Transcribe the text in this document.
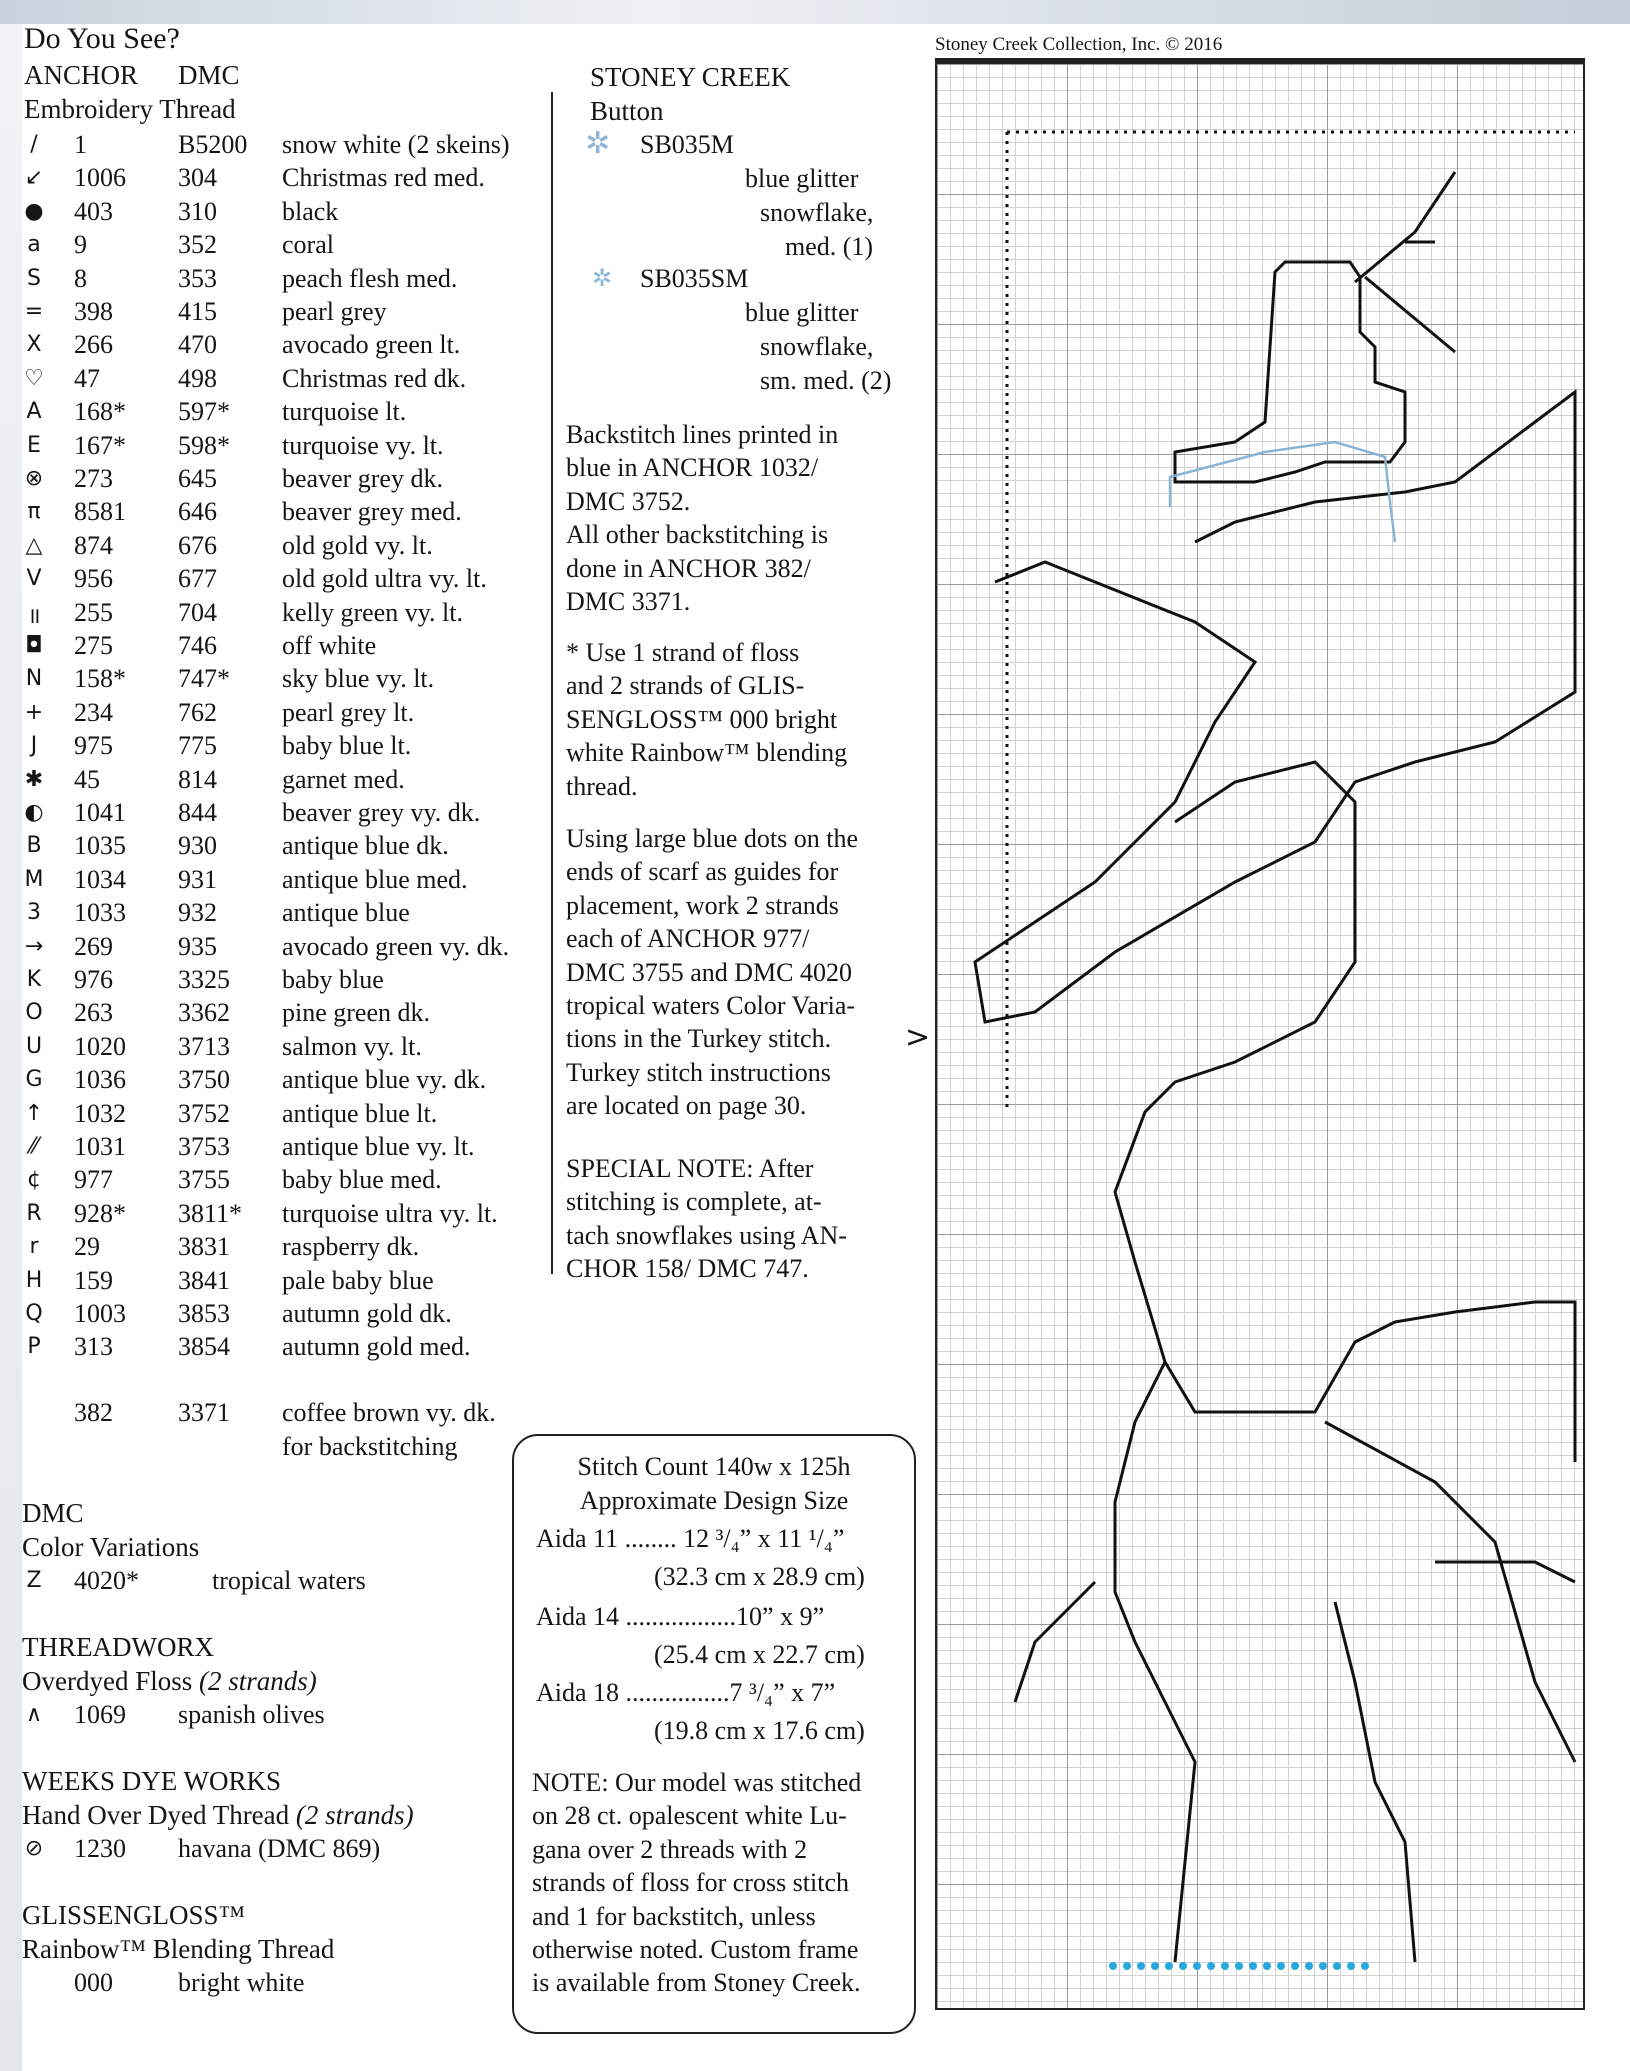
Do You See?
ANCHOR DMC
Embroidery Thread
/	1	B5200 snow white (2 skeins)
↙ 1006 304	Christmas red med.
● 403	310	black
a 9	352	coral
S 8	353	peach flesh med.
= 398	415	pearl grey
X 266	470	avocado green lt.
♡ 47	498	Christmas red dk.
A 168* 597* turquoise lt.
E 167* 598* turquoise vy. lt.
⊗ 273	645	beaver grey dk.
π 8581 646	beaver grey med.
△ 874	676	old gold vy. lt.
V 956	677	old gold ultra vy. lt.
॥ 255	704	kelly green vy. lt.
◘ 275	746	off white
N 158* 747* sky blue vy. lt.
+ 234	762	pearl grey lt.
J	975	775	baby blue lt.
✱ 45	814	garnet med.
◐ 1041 844	beaver grey vy. dk.
B 1035 930	antique blue dk.
M 1034 931	antique blue med.
3 1033 932	antique blue
→ 269	935	avocado green vy. dk.
K 976	3325 baby blue
O 263	3362 pine green dk.
U 1020 3713 salmon vy. lt.
G 1036 3750 antique blue vy. dk.
↑ 1032 3752 antique blue lt.
⁄⁄	1031 3753 antique blue vy. lt.
¢ 977	3755 baby blue med.
R 928* 3811* turquoise ultra vy. lt.
r 29	3831 raspberry dk.
H 159	3841 pale baby blue
Q 1003 3853 autumn gold dk.
P 313	3854 autumn gold med.
382	3371 coffee brown vy. dk.
for backstitching
DMC
Color Variations
Z 4020*	tropical waters
THREADWORX
Overdyed Floss (2 strands)
∧ 1069 spanish olives
WEEKS DYE WORKS
Hand Over Dyed Thread (2 strands)
⊘ 1230 havana (DMC 869)
GLISSENGLOSS™
Rainbow™ Blending Thread
000	bright white
STONEY CREEK
Button
✲ SB035M
blue glitter
snowflake,
med. (1)
✲ SB035SM
blue glitter
snowflake,
sm. med. (2)
Backstitch lines printed in
blue in ANCHOR 1032/
DMC 3752.
All other backstitching is
done in ANCHOR 382/
DMC 3371.
* Use 1 strand of floss
and 2 strands of GLIS-
SENGLOSS™ 000 bright
white Rainbow™ blending
thread.
Using large blue dots on the
ends of scarf as guides for
placement, work 2 strands
each of ANCHOR 977/
DMC 3755 and DMC 4020
tropical waters Color Varia-
tions in the Turkey stitch.
Turkey stitch instructions
are located on page 30.
SPECIAL NOTE: After
stitching is complete, at-
tach snowflakes using AN-
CHOR 158/ DMC 747.
Stitch Count 140w x 125h
Approximate Design Size
Aida 11 ........ 12 ³/₄” x 11 ¹/₄”
(32.3 cm x 28.9 cm)
Aida 14 .................10” x 9”
(25.4 cm x 22.7 cm)
Aida 18 ................7 ³/₄” x 7”
(19.8 cm x 17.6 cm)
NOTE: Our model was stitched
on 28 ct. opalescent white Lu-
gana over 2 threads with 2
strands of floss for cross stitch
and 1 for backstitch, unless
otherwise noted. Custom frame
is available from Stoney Creek.
Stoney Creek Collection, Inc. © 2016
>
